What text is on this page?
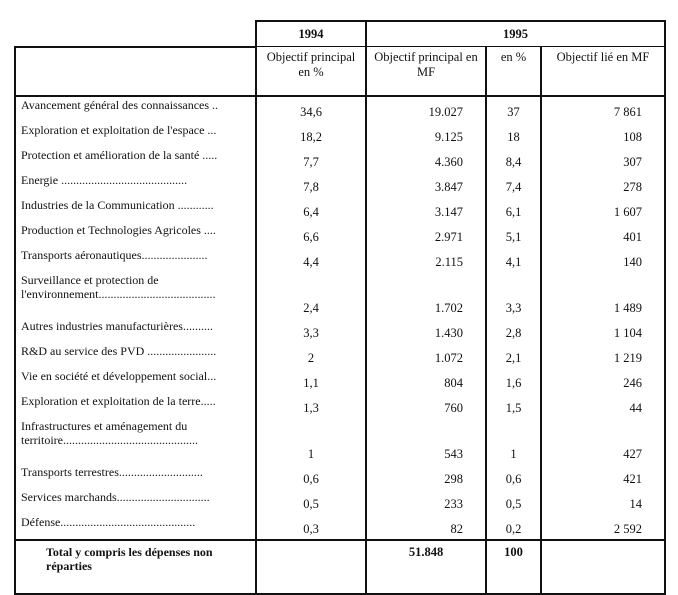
	1994	1995		
	Objectif principal en %	Objectif principal en MF	en %	Objectif lié en MF
Avancement général des connaissances ..	34,6	19.027	37	7 861
Exploration et exploitation de l'espace ...	18,2	9.125	18	108
Protection et amélioration de la santé .....	7,7	4.360	8,4	307
Energie ..........................................	7,8	3.847	7,4	278
Industries de la Communication ............	6,4	3.147	6,1	1 607
Production et Technologies Agricoles ....	6,6	2.971	5,1	401
Transports aéronautiques......................	4,4	2.115	4,1	140
Surveillance et protection de l'environnement.......................................	2,4	1.702	3,3	1 489
Autres industries manufacturières..........	3,3	1.430	2,8	1 104
R&D au service des PVD .......................	2	1.072	2,1	1 219
Vie en société et développement social...	1,1	804	1,6	246
Exploration et exploitation de la terre.....	1,3	760	1,5	44
Infrastructures et aménagement du territoire.............................................	1	543	1	427
Transports terrestres............................	0,6	298	0,6	421
Services marchands...............................	0,5	233	0,5	14
Défense.............................................	0,3	82	0,2	2 592
Total y compris les dépenses non réparties		51.848	100	
